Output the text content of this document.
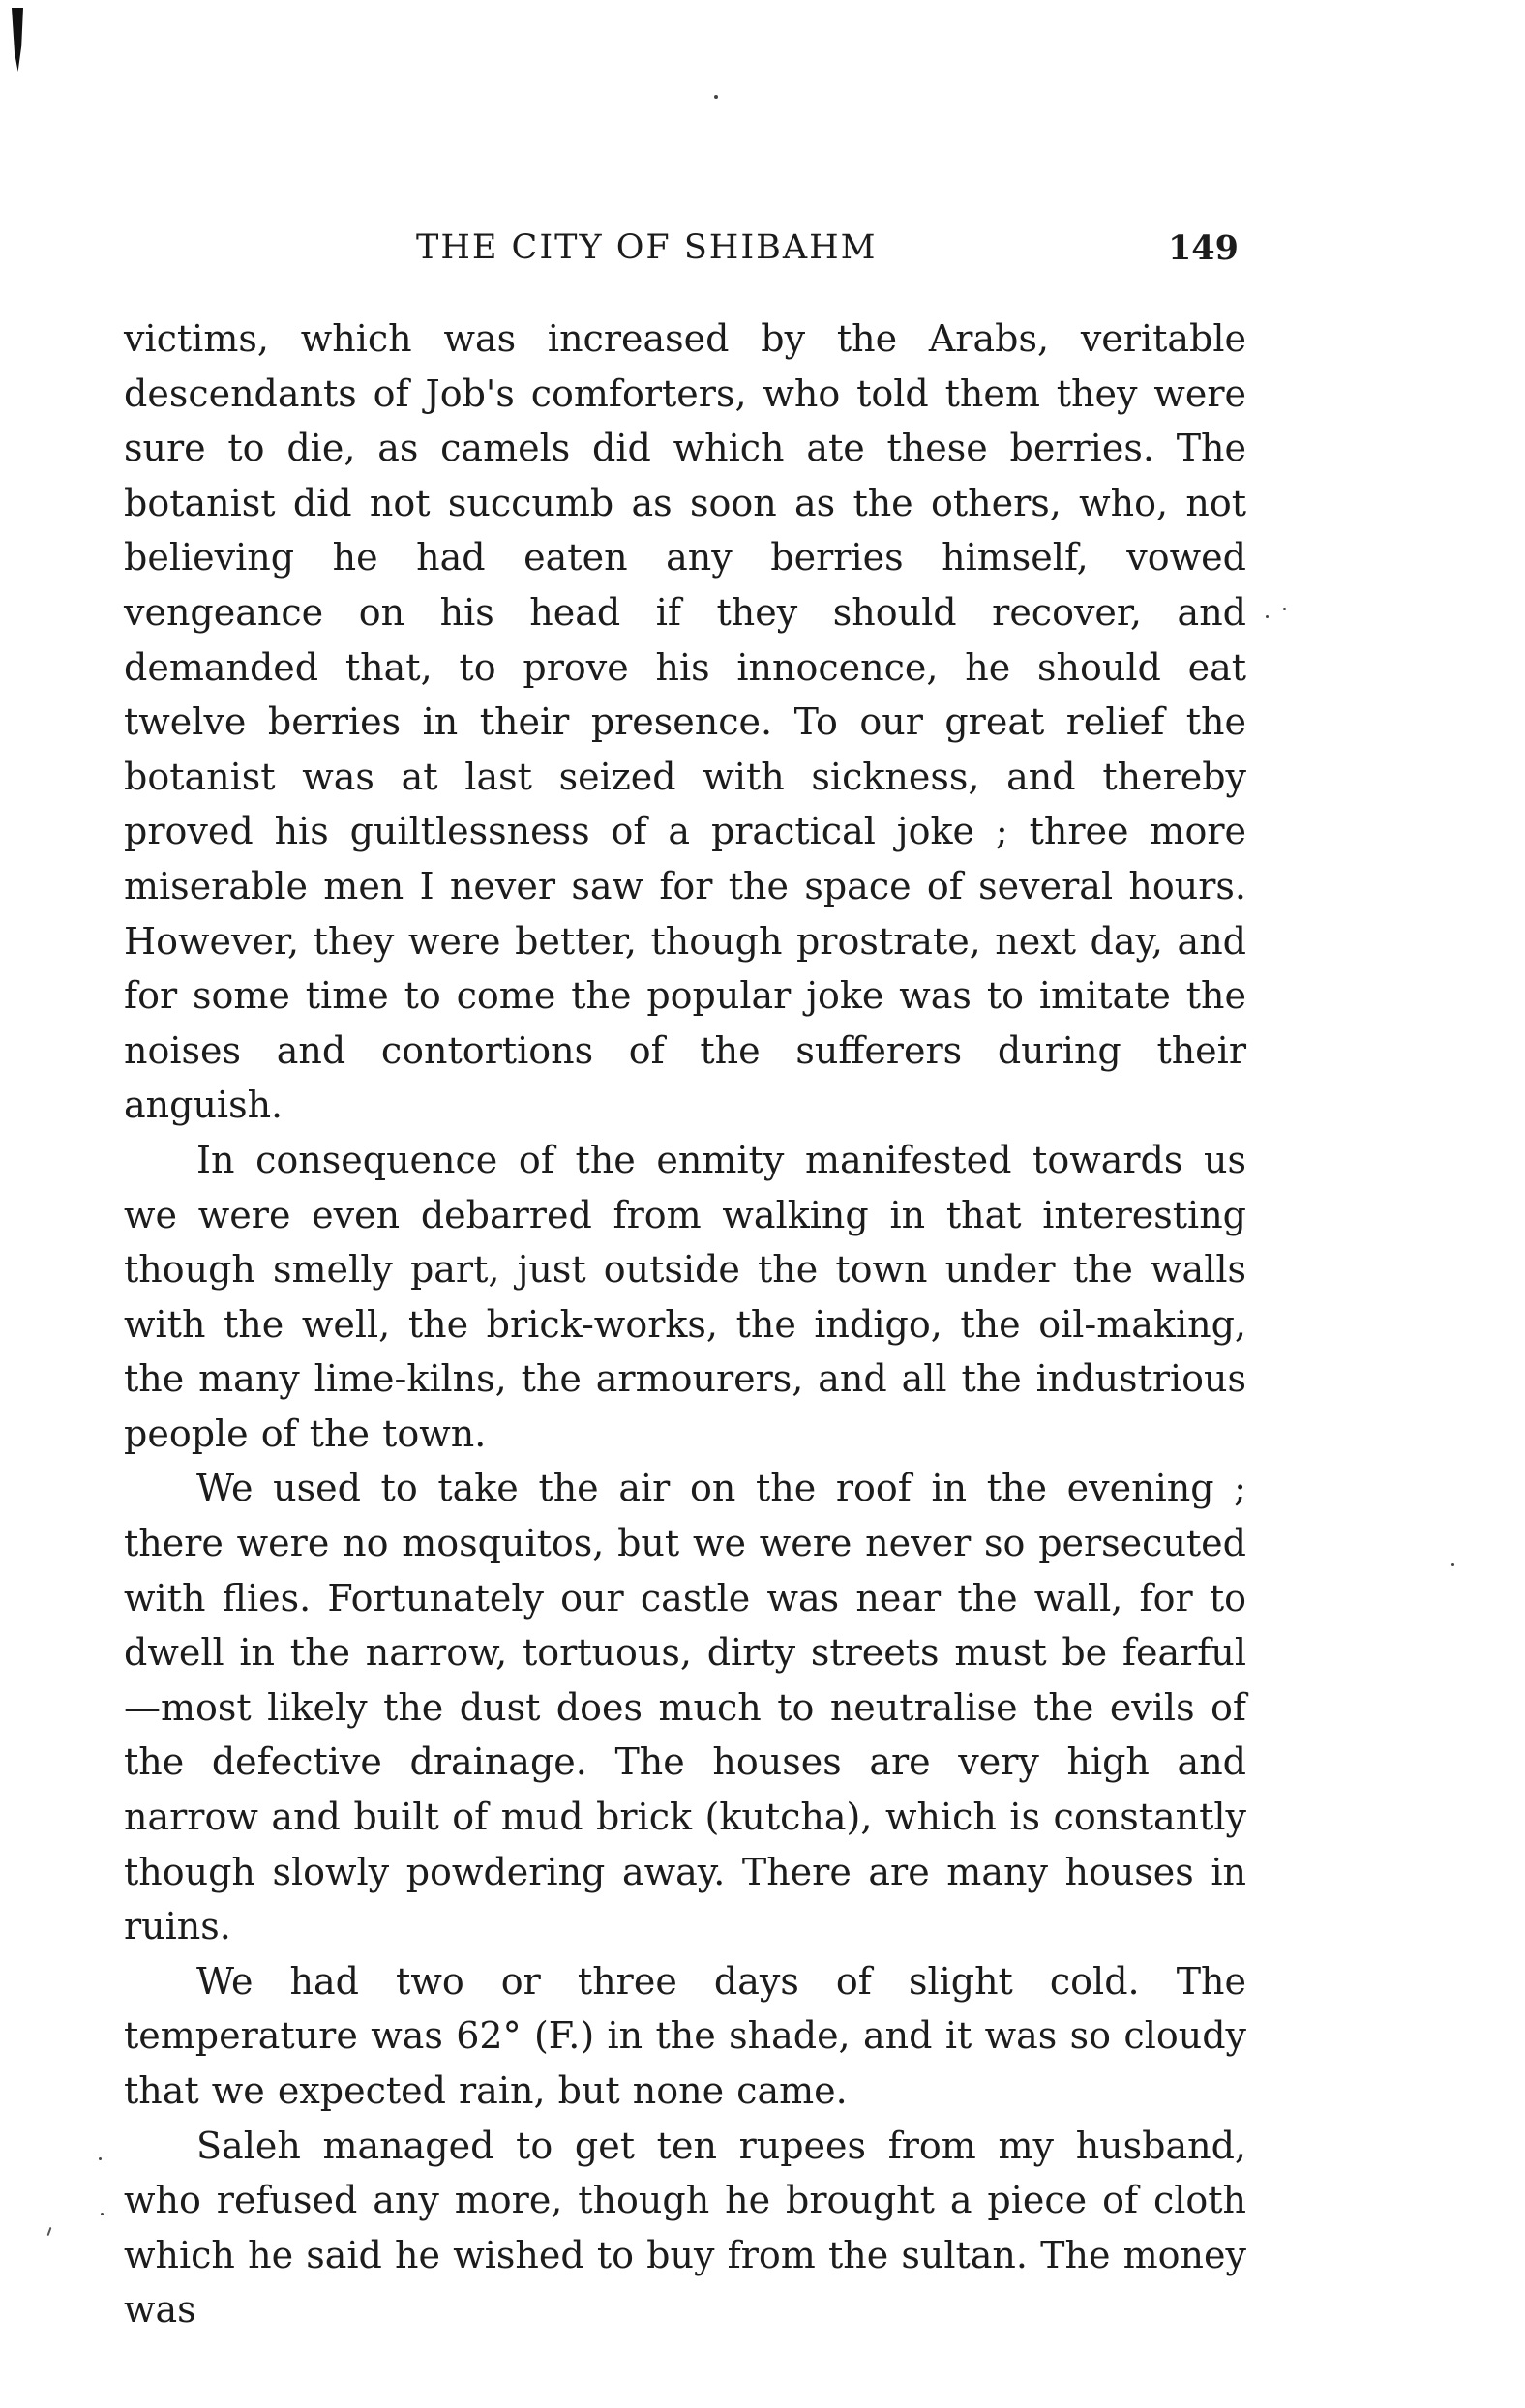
THE CITY OF SHIBAHM	149

victims, which was increased by the Arabs, veritable descendants of Job's comforters, who told them they were sure to die, as camels did which ate these berries. The botanist did not succumb as soon as the others, who, not believing he had eaten any berries himself, vowed vengeance on his head if they should recover, and demanded that, to prove his innocence, he should eat twelve berries in their presence. To our great relief the botanist was at last seized with sickness, and thereby proved his guiltlessness of a practical joke ; three more miserable men I never saw for the space of several hours. However, they were better, though prostrate, next day, and for some time to come the popular joke was to imitate the noises and contortions of the sufferers during their anguish.

In consequence of the enmity manifested towards us we were even debarred from walking in that interesting though smelly part, just outside the town under the walls with the well, the brick-works, the indigo, the oil-making, the many lime-kilns, the armourers, and all the industrious people of the town.

We used to take the air on the roof in the evening ; there were no mosquitos, but we were never so persecuted with flies. Fortunately our castle was near the wall, for to dwell in the narrow, tortuous, dirty streets must be fearful—most likely the dust does much to neutralise the evils of the defective drainage. The houses are very high and narrow and built of mud brick (kutcha), which is constantly though slowly powdering away. There are many houses in ruins.

We had two or three days of slight cold. The temperature was 62° (F.) in the shade, and it was so cloudy that we expected rain, but none came.

Saleh managed to get ten rupees from my husband, who refused any more, though he brought a piece of cloth which he said he wished to buy from the sultan. The money was
